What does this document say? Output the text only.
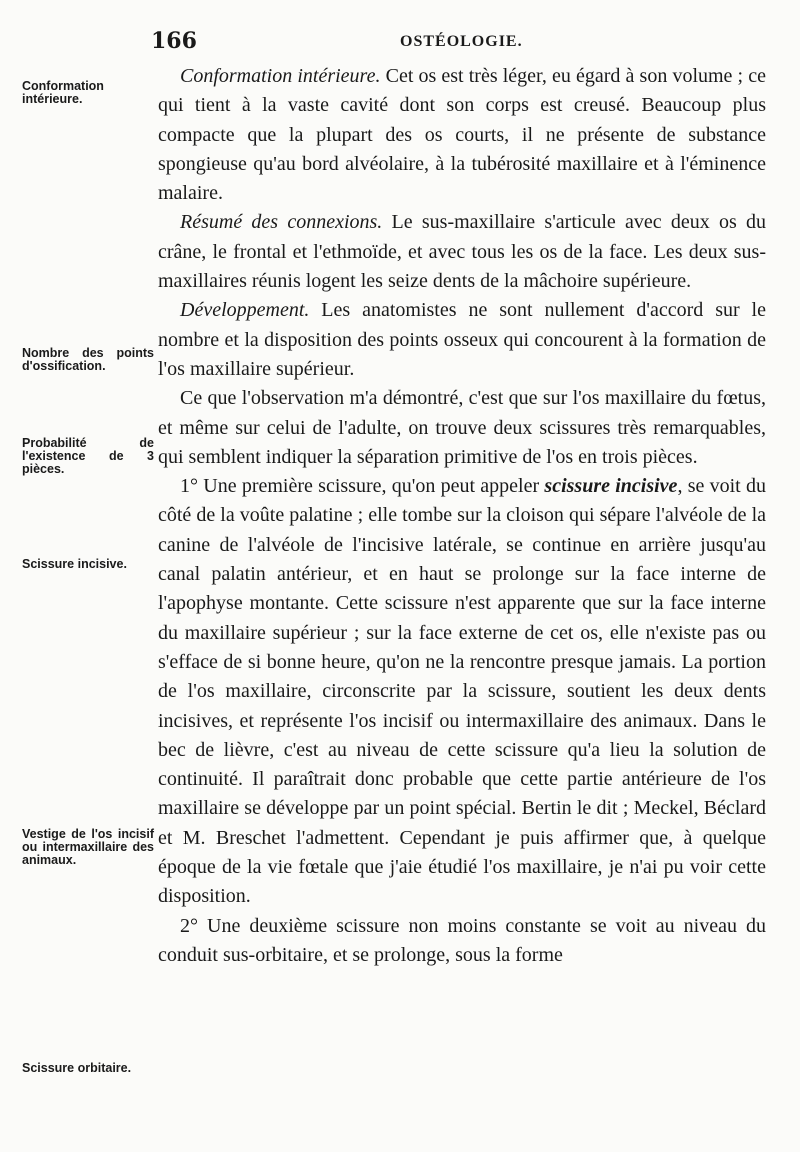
166	OSTÉOLOGIE.
Conformation intérieure.
Nombre des points d'ossification.
Probabilité de l'existence de 3 pièces.
Scissure incisive.
Vestige de l'os incisif ou intermaxillaire des animaux.
Scissure orbitaire.

Conformation intérieure. Cet os est très léger, eu égard à son volume ; ce qui tient à la vaste cavité dont son corps est creusé. Beaucoup plus compacte que la plupart des os courts, il ne présente de substance spongieuse qu'au bord alvéolaire, à la tubérosité maxillaire et à l'éminence malaire.

Résumé des connexions. Le sus-maxillaire s'articule avec deux os du crâne, le frontal et l'ethmoïde, et avec tous les os de la face. Les deux sus-maxillaires réunis logent les seize dents de la mâchoire supérieure.

Développement. Les anatomistes ne sont nullement d'accord sur le nombre et la disposition des points osseux qui concourent à la formation de l'os maxillaire supérieur.

Ce que l'observation m'a démontré, c'est que sur l'os maxillaire du fœtus, et même sur celui de l'adulte, on trouve deux scissures très remarquables, qui semblent indiquer la séparation primitive de l'os en trois pièces.

1° Une première scissure, qu'on peut appeler scissure incisive, se voit du côté de la voûte palatine ; elle tombe sur la cloison qui sépare l'alvéole de la canine de l'alvéole de l'incisive latérale, se continue en arrière jusqu'au canal palatin antérieur, et en haut se prolonge sur la face interne de l'apophyse montante. Cette scissure n'est apparente que sur la face interne du maxillaire supérieur ; sur la face externe de cet os, elle n'existe pas ou s'efface de si bonne heure, qu'on ne la rencontre presque jamais. La portion de l'os maxillaire, circonscrite par la scissure, soutient les deux dents incisives, et représente l'os incisif ou intermaxillaire des animaux. Dans le bec de lièvre, c'est au niveau de cette scissure qu'a lieu la solution de continuité. Il paraîtrait donc probable que cette partie antérieure de l'os maxillaire se développe par un point spécial. Bertin le dit ; Meckel, Béclard et M. Breschet l'admettent. Cependant je puis affirmer que, à quelque époque de la vie fœtale que j'aie étudié l'os maxillaire, je n'ai pu voir cette disposition.

2° Une deuxième scissure non moins constante se voit au niveau du conduit sus-orbitaire, et se prolonge, sous la forme
